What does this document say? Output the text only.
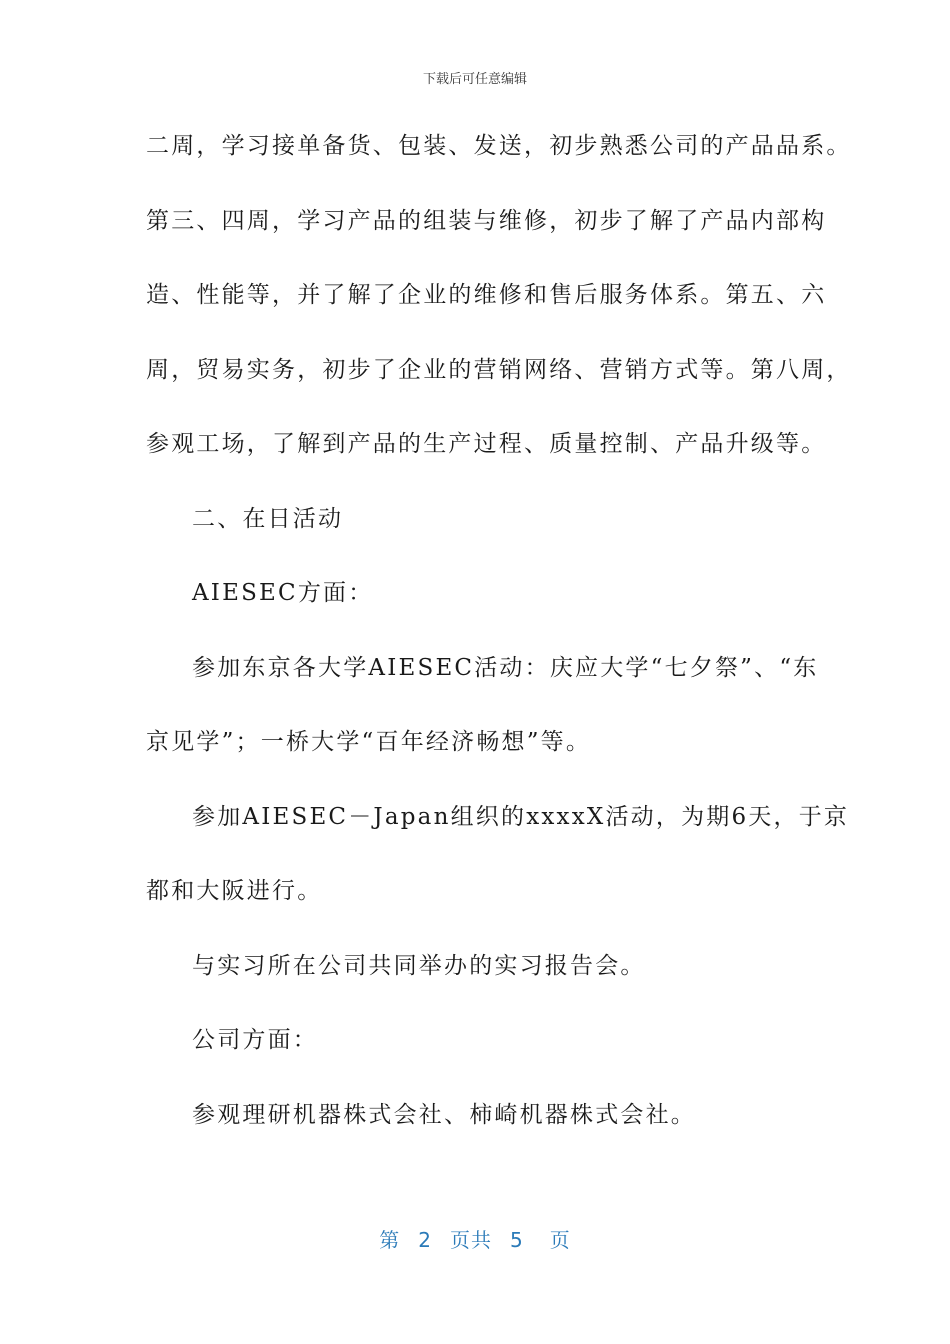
下载后可任意编辑
二周，学习接单备货、包装、发送，初步熟悉公司的产品品系。
第三、四周，学习产品的组装与维修，初步了解了产品内部构
造、性能等，并了解了企业的维修和售后服务体系。第五、六
周，贸易实务，初步了企业的营销网络、营销方式等。第八周，
参观工场，了解到产品的生产过程、质量控制、产品升级等。
二、在日活动
AIESEC方面：
参加东京各大学AIESEC活动：庆应大学“七夕祭”、“东
京见学”；一桥大学“百年经济畅想”等。
参加AIESEC－Japan组织的xxxxX活动，为期6天，于京
都和大阪进行。
与实习所在公司共同举办的实习报告会。
公司方面：
参观理研机器株式会社、柿崎机器株式会社。
第 2 页共 5 页
